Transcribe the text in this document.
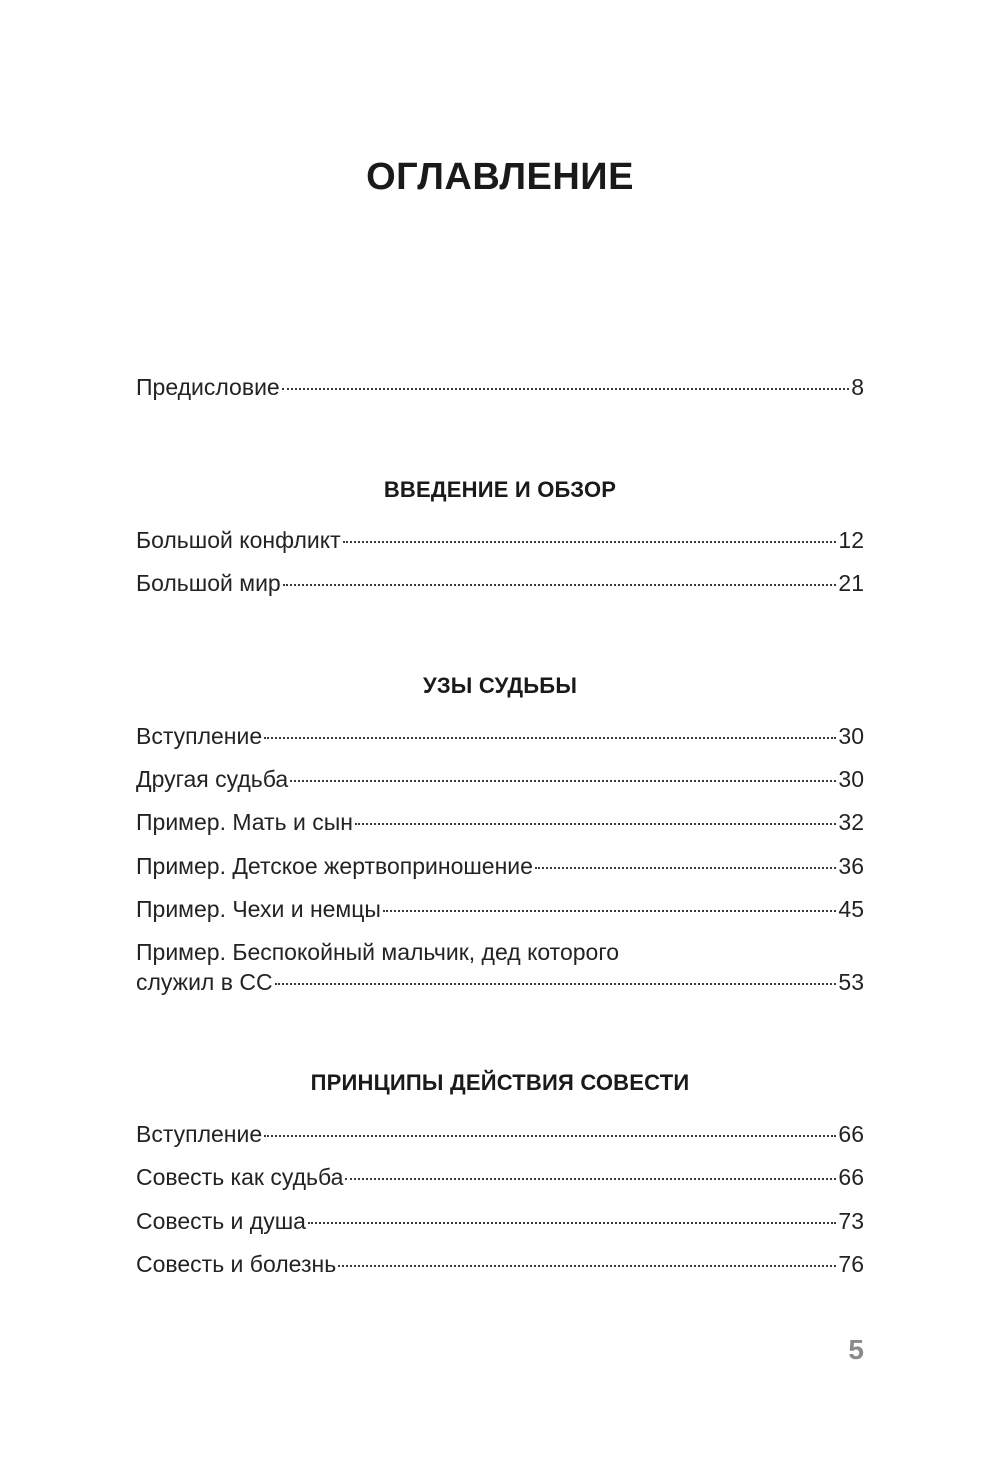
ОГЛАВЛЕНИЕ
Предисловие	8
ВВЕДЕНИЕ И ОБЗОР
Большой конфликт	12
Большой мир	21
УЗЫ СУДЬБЫ
Вступление	30
Другая судьба	30
Пример. Мать и сын	32
Пример. Детское жертвоприношение	36
Пример. Чехи и немцы	45
Пример. Беспокойный мальчик, дед которого
служил в СС	53
ПРИНЦИПЫ ДЕЙСТВИЯ СОВЕСТИ
Вступление	66
Совесть как судьба	66
Совесть и душа	73
Совесть и болезнь	76
5
